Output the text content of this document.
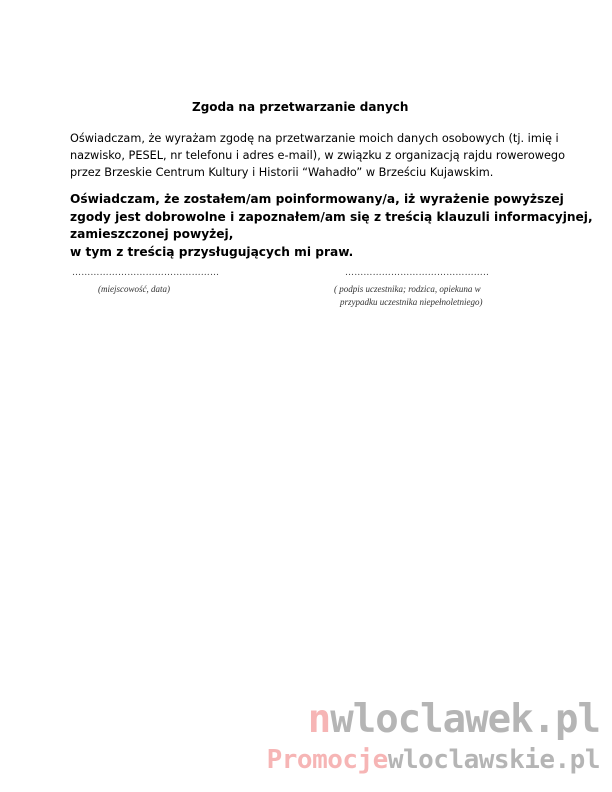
Zgoda na przetwarzanie danych
Oświadczam, że wyrażam zgodę na przetwarzanie moich danych osobowych (tj. imię i
nazwisko, PESEL, nr telefonu i adres e-mail), w związku z organizacją rajdu rowerowego
przez Brzeskie Centrum Kultury i Historii “Wahadło” w Brześciu Kujawskim.
Oświadczam, że zostałem/am poinformowany/a, iż wyrażenie powyższej
zgody jest dobrowolne i zapoznałem/am się z treścią klauzuli informacyjnej,
zamieszczonej powyżej,
w tym z treścią przysługujących mi praw.
…………………………………………
(miejscowość, data)
………………………………………..
( podpis uczestnika; rodzica, opiekuna w
przypadku uczestnika niepełnoletniego)
nwloclawek.pl
Promocjewloclawskie.pl
